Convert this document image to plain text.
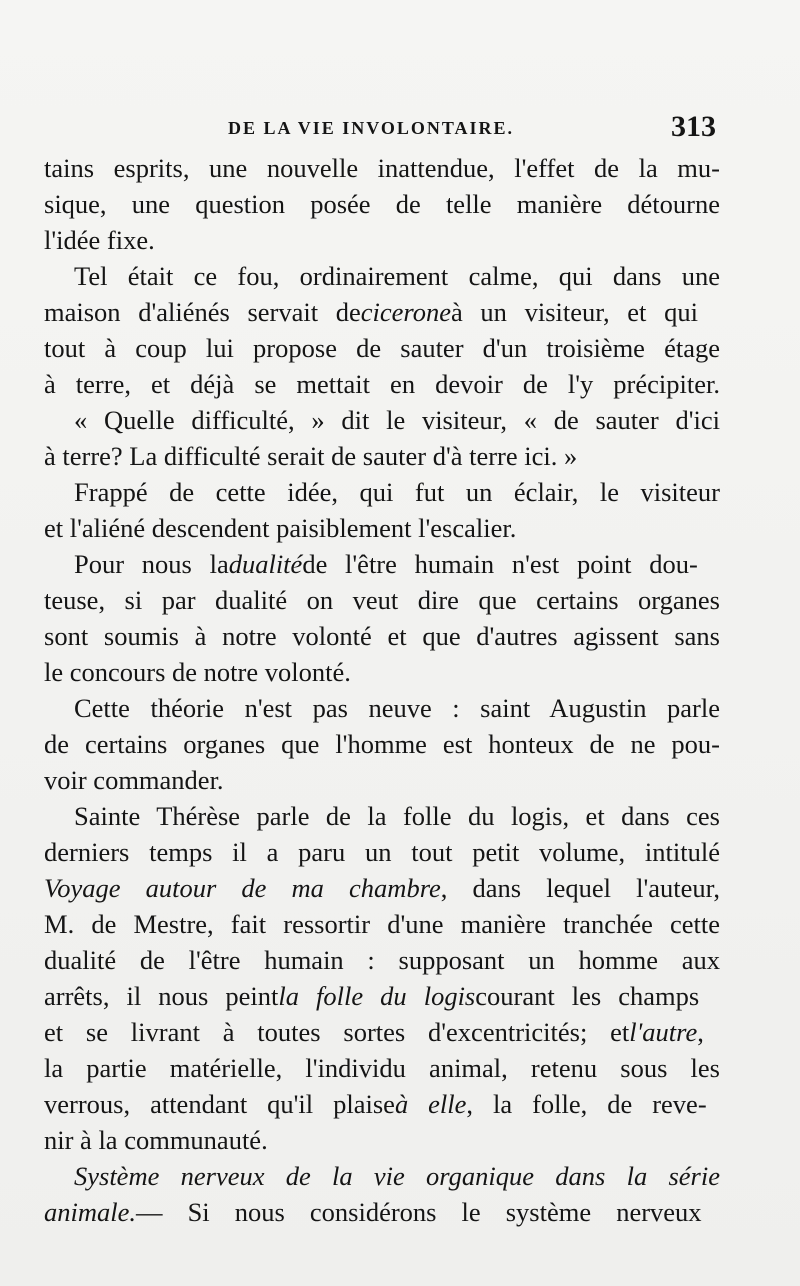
DE LA VIE INVOLONTAIRE.	313
tains esprits, une nouvelle inattendue, l'effet de la mu-
sique, une question posée de telle manière détourne
l'idée fixe.
Tel était ce fou, ordinairement calme, qui dans une
maison d'aliénés servait deciceroneà un visiteur, et qui
tout à coup lui propose de sauter d'un troisième étage
à terre, et déjà se mettait en devoir de l'y précipiter.
« Quelle difficulté, » dit le visiteur, « de sauter d'ici
à terre? La difficulté serait de sauter d'à terre ici. »
Frappé de cette idée, qui fut un éclair, le visiteur
et l'aliéné descendent paisiblement l'escalier.
Pour nous ladualitéde l'être humain n'est point dou-
teuse, si par dualité on veut dire que certains organes
sont soumis à notre volonté et que d'autres agissent sans
le concours de notre volonté.
Cette théorie n'est pas neuve : saint Augustin parle
de certains organes que l'homme est honteux de ne pou-
voir commander.
Sainte Thérèse parle de la folle du logis, et dans ces
derniers temps il a paru un tout petit volume, intitulé
Voyage autour de ma chambre, dans lequel l'auteur,
M. de Mestre, fait ressortir d'une manière tranchée cette
dualité de l'être humain : supposant un homme aux
arrêts, il nous peintla folle du logiscourant les champs
et se livrant à toutes sortes d'excentricités; etl'autre,
la partie matérielle, l'individu animal, retenu sous les
verrous, attendant qu'il plaiseà elle, la folle, de reve-
nir à la communauté.
Système nerveux de la vie organique dans la série
animale.— Si nous considérons le système nerveux
